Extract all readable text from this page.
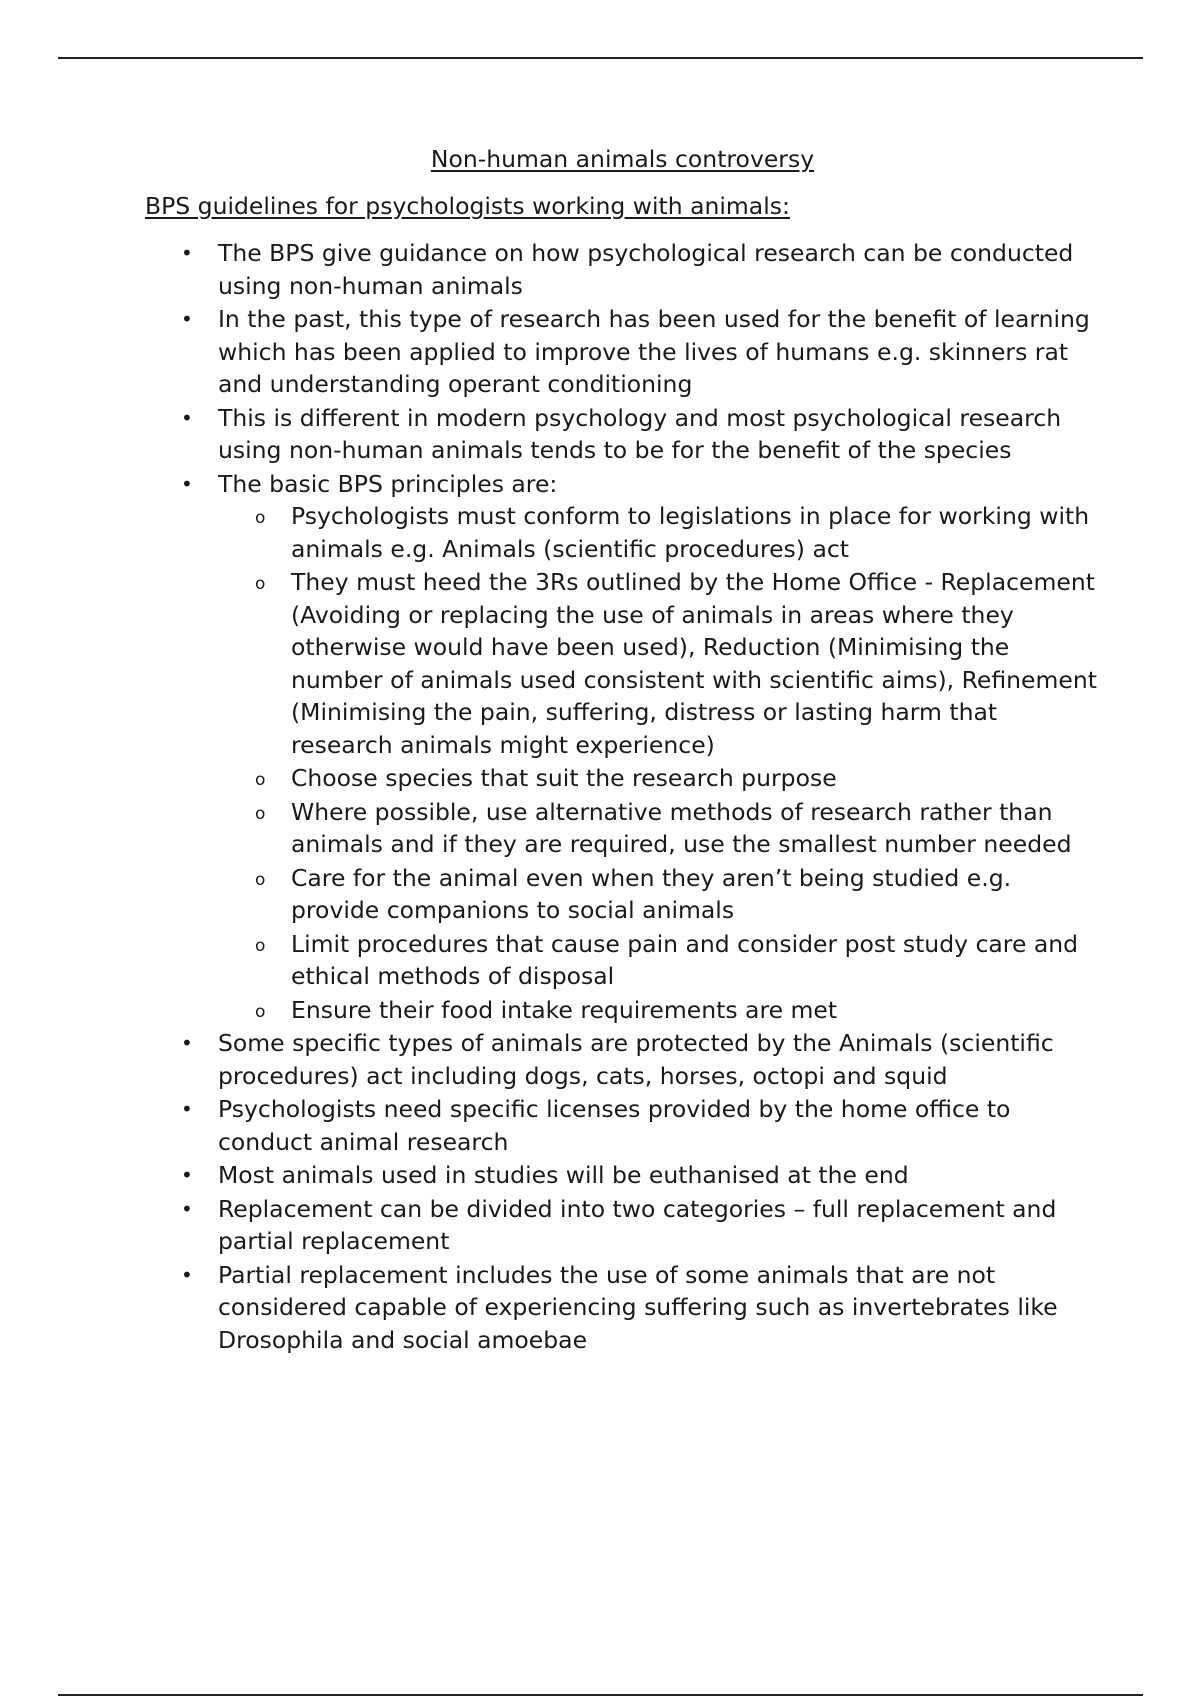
Non-human animals controversy
BPS guidelines for psychologists working with animals:
• The BPS give guidance on how psychological research can be conducted using non-human animals
• In the past, this type of research has been used for the benefit of learning which has been applied to improve the lives of humans e.g. skinners rat and understanding operant conditioning
• This is different in modern psychology and most psychological research using non-human animals tends to be for the benefit of the species
• The basic BPS principles are:
o Psychologists must conform to legislations in place for working with animals e.g. Animals (scientific procedures) act
o They must heed the 3Rs outlined by the Home Office - Replacement (Avoiding or replacing the use of animals in areas where they otherwise would have been used), Reduction (Minimising the number of animals used consistent with scientific aims), Refinement (Minimising the pain, suffering, distress or lasting harm that research animals might experience)
o Choose species that suit the research purpose
o Where possible, use alternative methods of research rather than animals and if they are required, use the smallest number needed
o Care for the animal even when they aren’t being studied e.g. provide companions to social animals
o Limit procedures that cause pain and consider post study care and ethical methods of disposal
o Ensure their food intake requirements are met
• Some specific types of animals are protected by the Animals (scientific procedures) act including dogs, cats, horses, octopi and squid
• Psychologists need specific licenses provided by the home office to conduct animal research
• Most animals used in studies will be euthanised at the end
• Replacement can be divided into two categories – full replacement and partial replacement
• Partial replacement includes the use of some animals that are not considered capable of experiencing suffering such as invertebrates like Drosophila and social amoebae
